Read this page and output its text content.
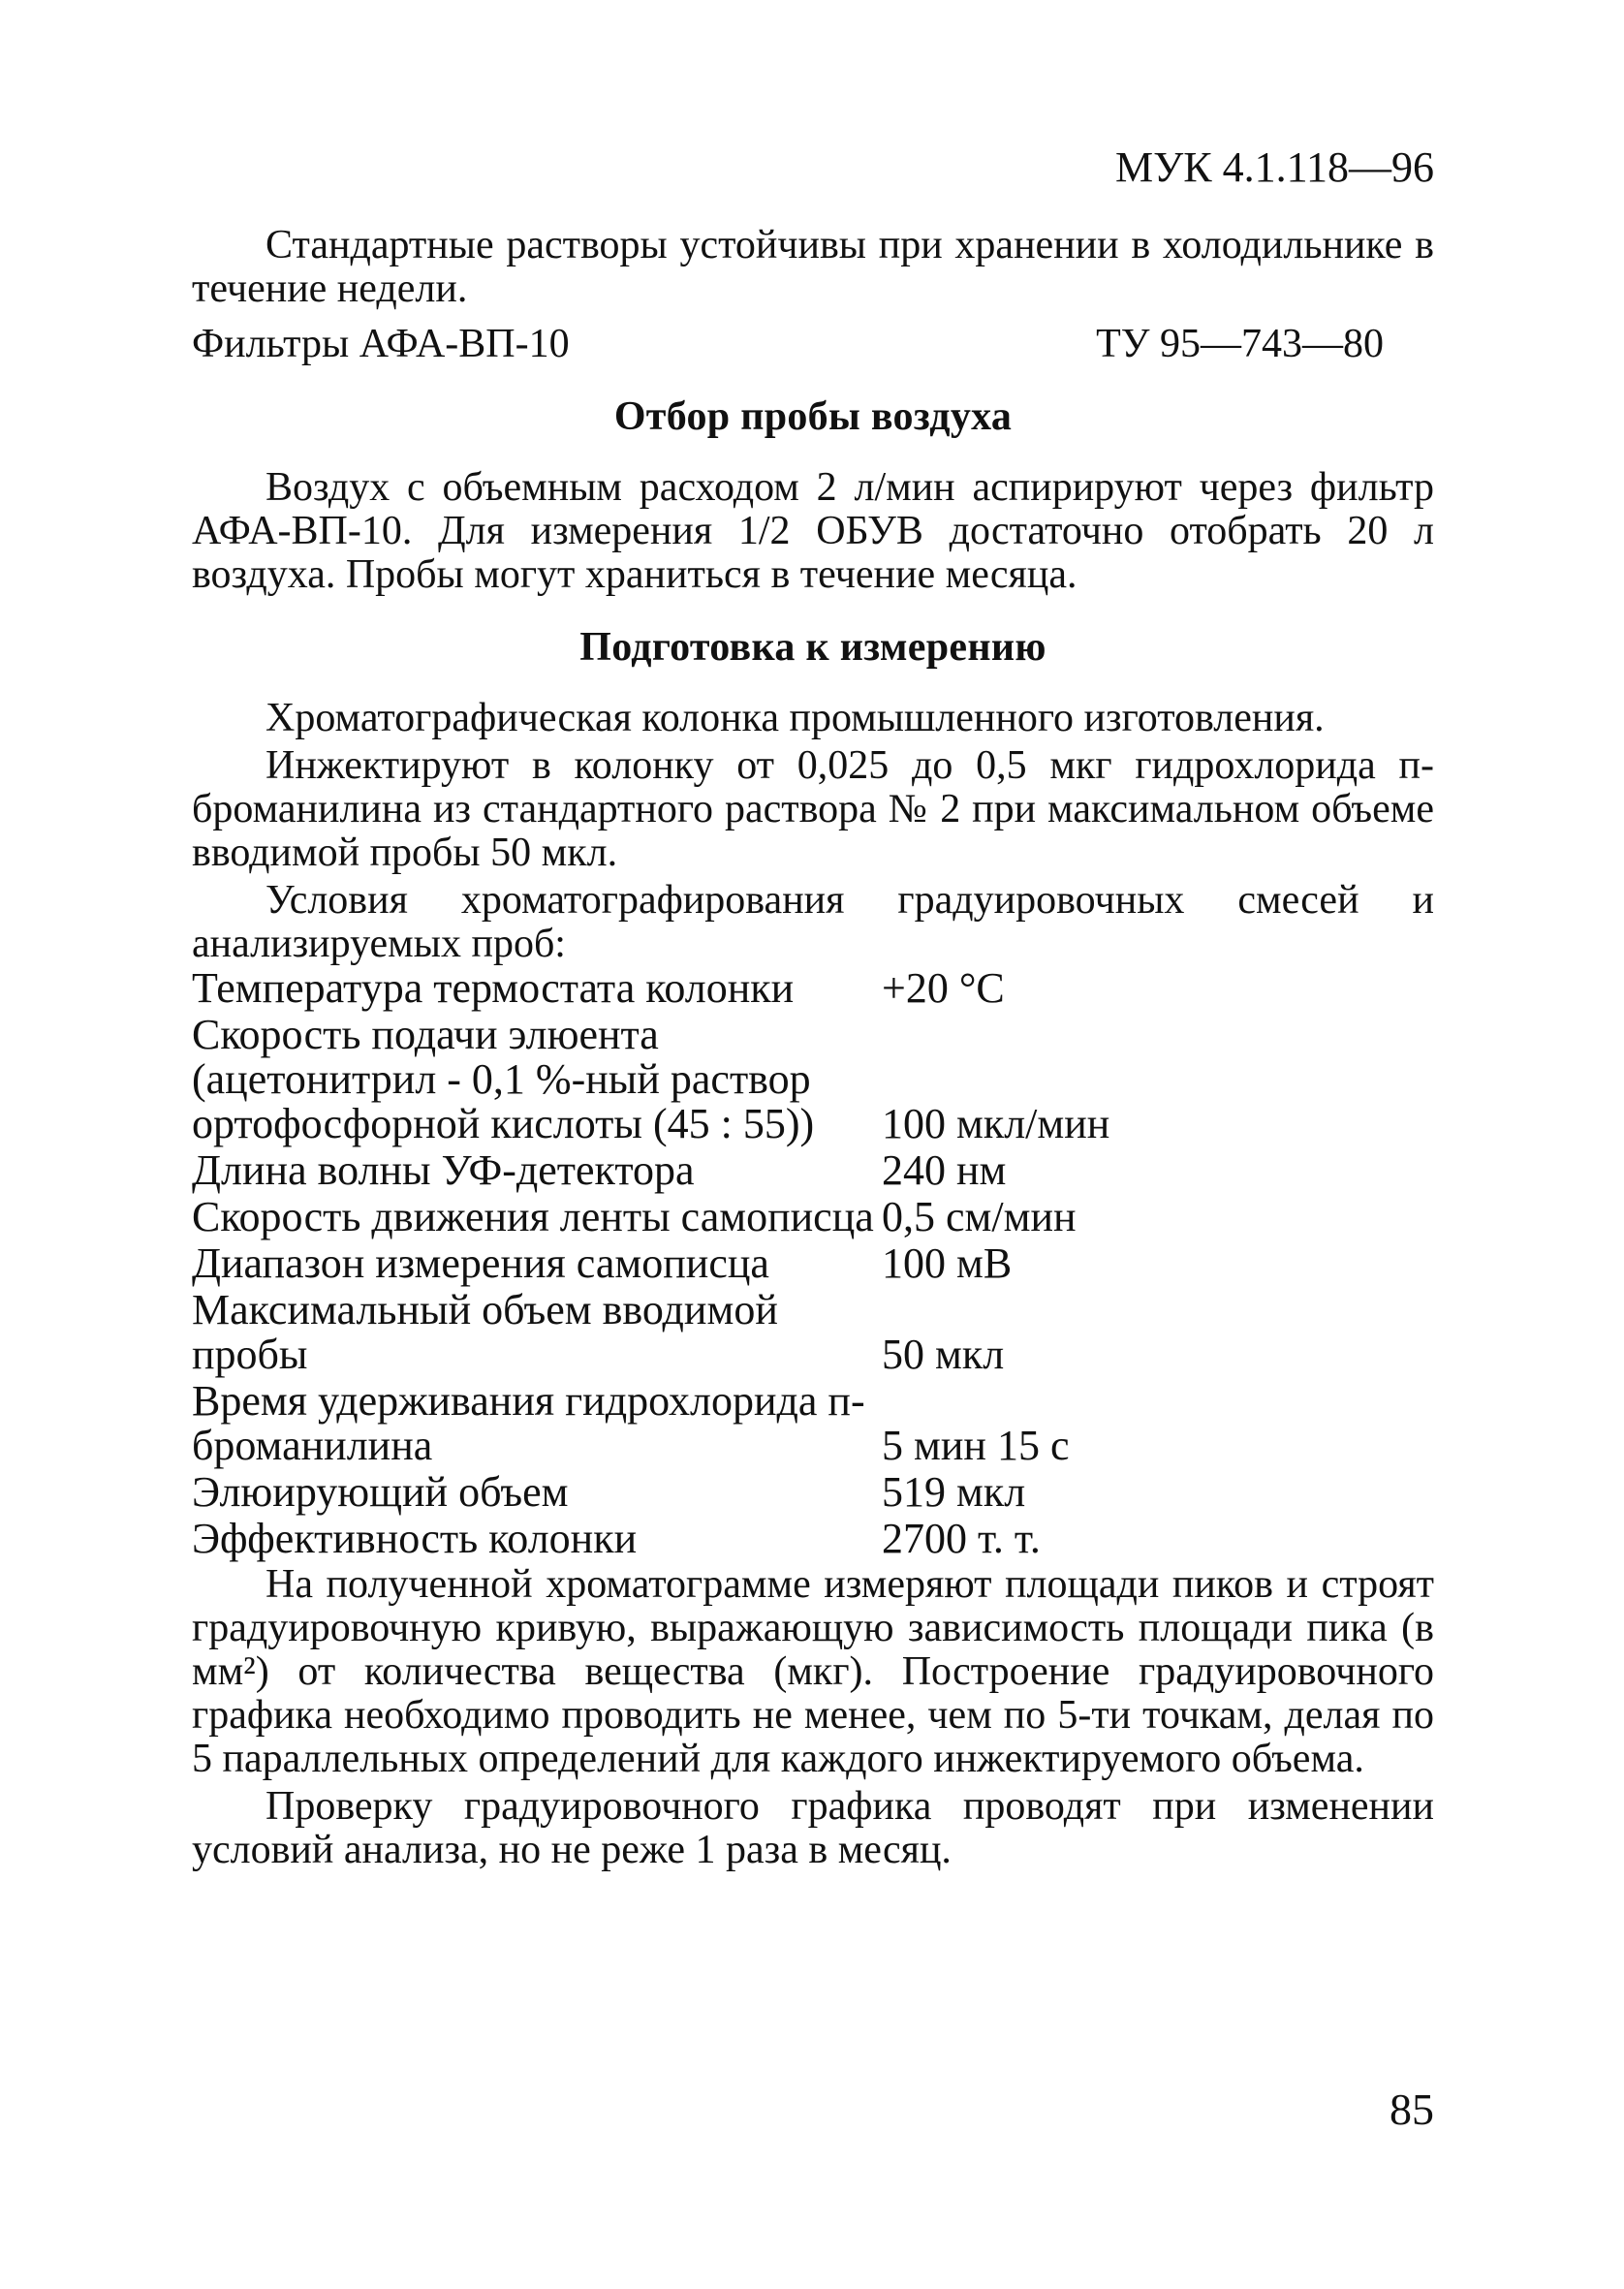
МУК 4.1.118—96

Стандартные растворы устойчивы при хранении в холодильнике в течение недели.

Фильтры АФА-ВП-10	ТУ 95—743—80
Отбор пробы воздуха

Воздух с объемным расходом 2 л/мин аспирируют через фильтр АФА-ВП-10. Для измерения 1/2 ОБУВ достаточно отобрать 20 л воздуха. Пробы могут храниться в течение месяца.

Подготовка к измерению

Хроматографическая колонка промышленного изготовления.

Инжектируют в колонку от 0,025 до 0,5 мкг гидрохлорида п-броманилина из стандартного раствора № 2 при максимальном объеме вводимой пробы 50 мкл.

Условия хроматографирования градуировочных смесей и анализируемых проб:

Температура термостата колонки	+20 °С
Скорость подачи элюента (ацетонитрил - 0,1 %-ный раствор ортофосфорной кислоты (45 : 55))	100 мкл/мин
Длина волны УФ-детектора	240 нм
Скорость движения ленты самописца 0,5 см/мин
Диапазон измерения самописца	100 мВ
Максимальный объем вводимой пробы	50 мкл
Время удерживания гидрохлорида п-броманилина	5 мин 15 с
Элюирующий объем	519 мкл
Эффективность колонки	2700 т. т.

На полученной хроматограмме измеряют площади пиков и строят градуировочную кривую, выражающую зависимость площади пика (в мм²) от количества вещества (мкг). Построение градуировочного графика необходимо проводить не менее, чем по 5-ти точкам, делая по 5 параллельных определений для каждого инжектируемого объема.

Проверку градуировочного графика проводят при изменении условий анализа, но не реже 1 раза в месяц.

85
